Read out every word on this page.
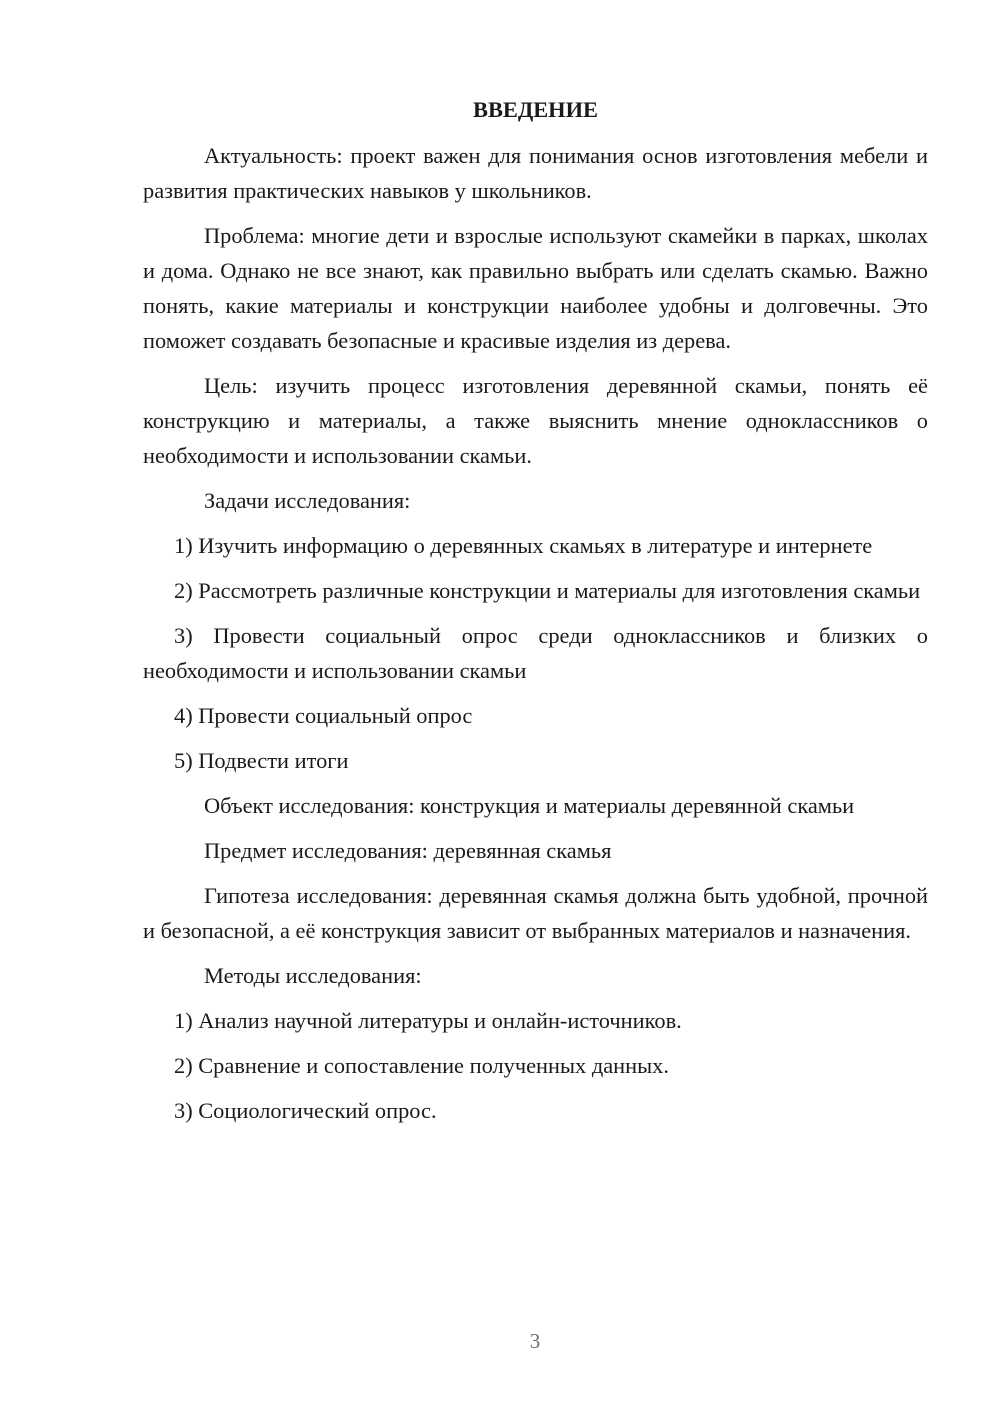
ВВЕДЕНИЕ

Актуальность: проект важен для понимания основ изготовления мебели и развития практических навыков у школьников.

Проблема: многие дети и взрослые используют скамейки в парках, школах и дома. Однако не все знают, как правильно выбрать или сделать скамью. Важно понять, какие материалы и конструкции наиболее удобны и долговечны. Это поможет создавать безопасные и красивые изделия из дерева.

Цель: изучить процесс изготовления деревянной скамьи, понять её конструкцию и материалы, а также выяснить мнение одноклассников о необходимости и использовании скамьи.

Задачи исследования:

1) Изучить информацию о деревянных скамьях в литературе и интернете

2) Рассмотреть различные конструкции и материалы для изготовления скамьи

3) Провести социальный опрос среди одноклассников и близких о необходимости и использовании скамьи

4) Провести социальный опрос

5) Подвести итоги

Объект исследования: конструкция и материалы деревянной скамьи

Предмет исследования: деревянная скамья

Гипотеза исследования: деревянная скамья должна быть удобной, прочной и безопасной, а её конструкция зависит от выбранных материалов и назначения.

Методы исследования:

1) Анализ научной литературы и онлайн-источников.

2) Сравнение и сопоставление полученных данных.

3) Социологический опрос.

3
